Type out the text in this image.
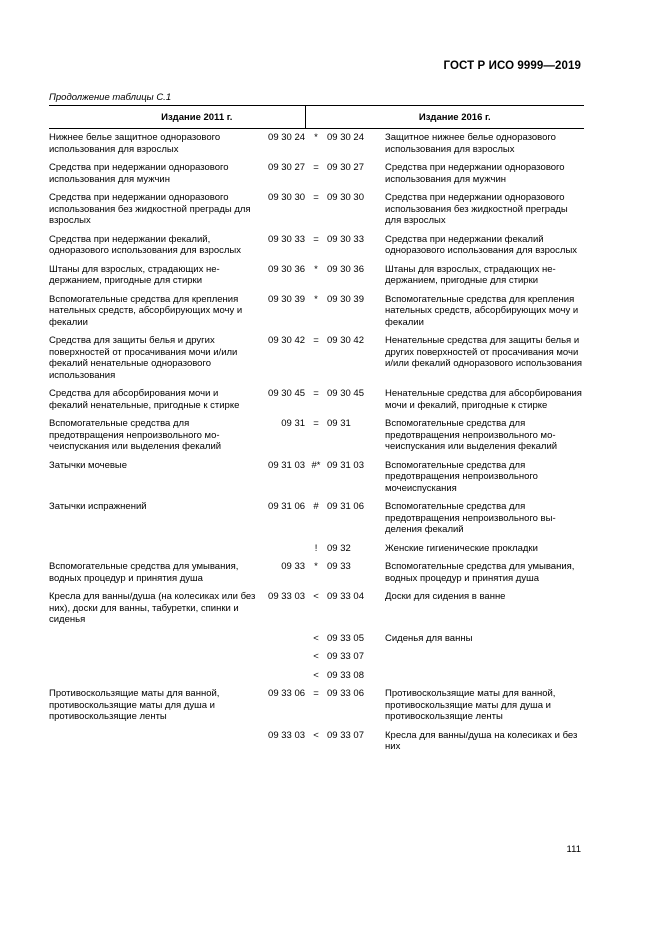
ГОСТ Р ИСО 9999—2019
Продолжение таблицы С.1
Издание 2011 г.		Издание 2016 г.		
Нижнее белье защитное одноразового использования для взрослых	09 30 24	*	09 30 24	Защитное нижнее белье одноразового использования для взрослых
Средства при недержании одноразового использования для мужчин	09 30 27	=	09 30 27	Средства при недержании одноразового использования для мужчин
Средства при недержании одноразового использования без жидкостной преграды для взрослых	09 30 30	=	09 30 30	Средства при недержании одноразового использования без жидкостной преграды для взрослых
Средства при недержании фекалий, одноразового использования для взрослых	09 30 33	=	09 30 33	Средства при недержании фекалий одноразового использования для взрослых
Штаны для взрослых, страдающих недержанием, пригодные для стирки	09 30 36	*	09 30 36	Штаны для взрослых, страдающих недержанием, пригодные для стирки
Вспомогательные средства для крепления нательных средств, абсорбирующих мочу и фекалии	09 30 39	*	09 30 39	Вспомогательные средства для крепления нательных средств, абсорбирующих мочу и фекалии
Средства для защиты белья и других поверхностей от просачивания мочи и/или фекалий ненательные одноразового использования	09 30 42	=	09 30 42	Ненательные средства для защиты белья и других поверхностей от просачивания мочи и/или фекалий одноразового использования
Средства для абсорбирования мочи и фекалий ненательные, пригодные к стирке	09 30 45	=	09 30 45	Ненательные средства для абсорбирования мочи и фекалий, пригодные к стирке
Вспомогательные средства для предотвращения непроизвольного мочеиспускания или выделения фекалий	09 31	=	09 31	Вспомогательные средства для предотвращения непроизвольного мочеиспускания или выделения фекалий
Затычки мочевые	09 31 03	#*	09 31 03	Вспомогательные средства для предотвращения непроизвольного мочеиспускания
Затычки испражнений	09 31 06	#	09 31 06	Вспомогательные средства для предотвращения непроизвольного выделения фекалий
		!	09 32	Женские гигиенические прокладки
Вспомогательные средства для умывания, водных процедур и принятия душа	09 33	*	09 33	Вспомогательные средства для умывания, водных процедур и принятия душа
Кресла для ванны/душа (на колесиках или без них), доски для ванны, табуретки, спинки и сиденья	09 33 03	<	09 33 04	Доски для сидения в ванне
		<	09 33 05	Сиденья для ванны
		<	09 33 07	
		<	09 33 08	
Противоскользящие маты для ванной, противоскользящие маты для душа и противоскользящие ленты	09 33 06	=	09 33 06	Противоскользящие маты для ванной, противоскользящие маты для душа и противоскользящие ленты
	09 33 03	<	09 33 07	Кресла для ванны/душа на колесиках и без них
111
